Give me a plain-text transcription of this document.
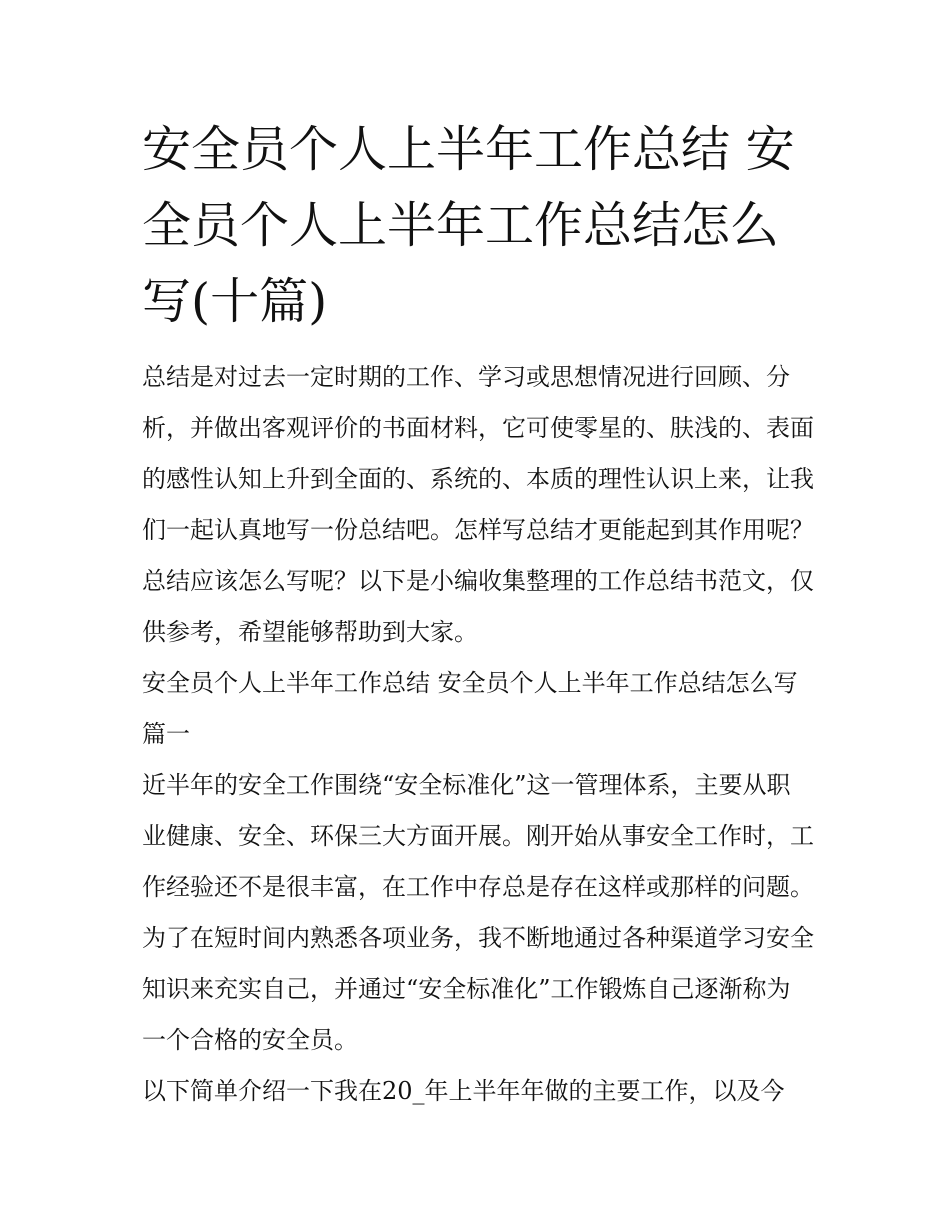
安全员个人上半年工作总结 安全员个人上半年工作总结怎么写(十篇)

总结是对过去一定时期的工作、学习或思想情况进行回顾、分析，并做出客观评价的书面材料，它可使零星的、肤浅的、表面的感性认知上升到全面的、系统的、本质的理性认识上来，让我们一起认真地写一份总结吧。怎样写总结才更能起到其作用呢？总结应该怎么写呢？以下是小编收集整理的工作总结书范文，仅供参考，希望能够帮助到大家。

安全员个人上半年工作总结 安全员个人上半年工作总结怎么写篇一

近半年的安全工作围绕“安全标准化”这一管理体系，主要从职业健康、安全、环保三大方面开展。刚开始从事安全工作时，工作经验还不是很丰富，在工作中存总是存在这样或那样的问题。为了在短时间内熟悉各项业务，我不断地通过各种渠道学习安全知识来充实自己，并通过“安全标准化”工作锻炼自己逐渐称为一个合格的安全员。

以下简单介绍一下我在20_年上半年年做的主要工作，以及今
